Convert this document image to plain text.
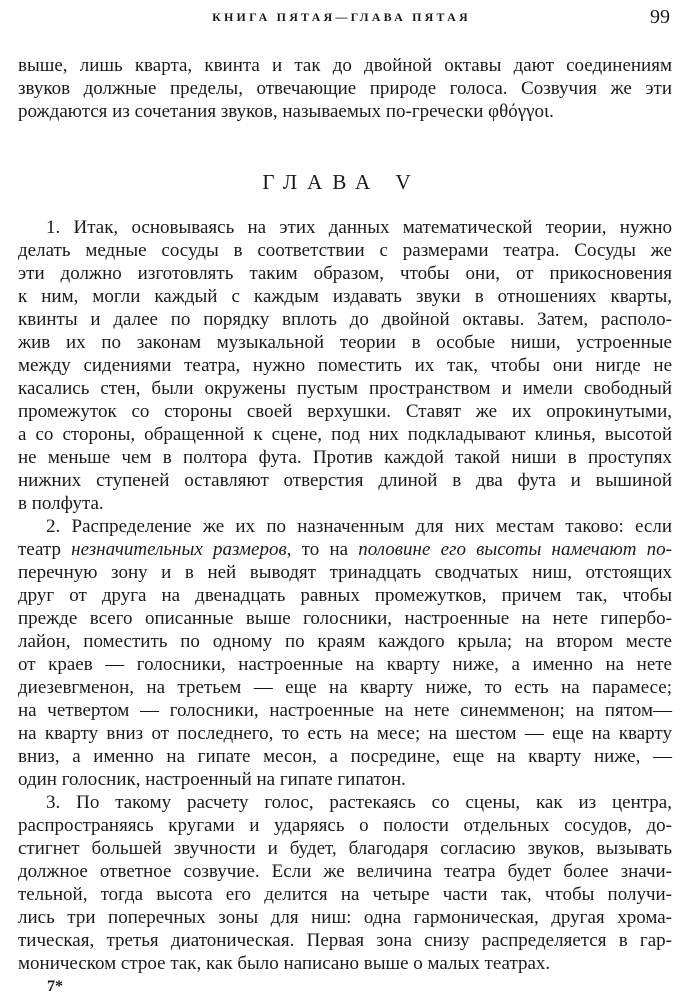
КНИГА ПЯТАЯ—ГЛАВА ПЯТАЯ	99
выше, лишь кварта, квинта и так до двойной октавы дают соединениям
звуков должные пределы, отвечающие природе голоса. Созвучия же эти
рождаются из сочетания звуков, называемых по-гречески φθόγγοι.
ГЛАВА V
1. Итак, основываясь на этих данных математической теории, нужно
делать медные сосуды в соответствии с размерами театра. Сосуды же
эти должно изготовлять таким образом, чтобы они, от прикосновения
к ним, могли каждый с каждым издавать звуки в отношениях кварты,
квинты и далее по порядку вплоть до двойной октавы. Затем, располо-
жив их по законам музыкальной теории в особые ниши, устроенные
между сидениями театра, нужно поместить их так, чтобы они нигде не
касались стен, были окружены пустым пространством и имели свободный
промежуток со стороны своей верхушки. Ставят же их опрокинутыми,
а со стороны, обращенной к сцене, под них подкладывают клинья, высотой
не меньше чем в полтора фута. Против каждой такой ниши в проступях
нижних ступеней оставляют отверстия длиной в два фута и вышиной
в полфута.
2. Распределение же их по назначенным для них местам таково: если
театр незначительных размеров, то на половине его высоты намечают по-
перечную зону и в ней выводят тринадцать сводчатых ниш, отстоящих
друг от друга на двенадцать равных промежутков, причем так, чтобы
прежде всего описанные выше голосники, настроенные на нете гипербо-
лайон, поместить по одному по краям каждого крыла; на втором месте
от краев — голосники, настроенные на кварту ниже, а именно на нете
диезевгменон, на третьем — еще на кварту ниже, то есть на парамесе;
на четвертом — голосники, настроенные на нете синемменон; на пятом—
на кварту вниз от последнего, то есть на месе; на шестом — еще на кварту
вниз, а именно на гипате месон, а посредине, еще на кварту ниже, —
один голосник, настроенный на гипате гипатон.
3. По такому расчету голос, растекаясь со сцены, как из центра,
распространяясь кругами и ударяясь о полости отдельных сосудов, до-
стигнет большей звучности и будет, благодаря согласию звуков, вызывать
должное ответное созвучие. Если же величина театра будет более значи-
тельной, тогда высота его делится на четыре части так, чтобы получи-
лись три поперечных зоны для ниш: одна гармоническая, другая хрома-
тическая, третья диатоническая. Первая зона снизу распределяется в гар-
моническом строе так, как было написано выше о малых театрах.
7*
